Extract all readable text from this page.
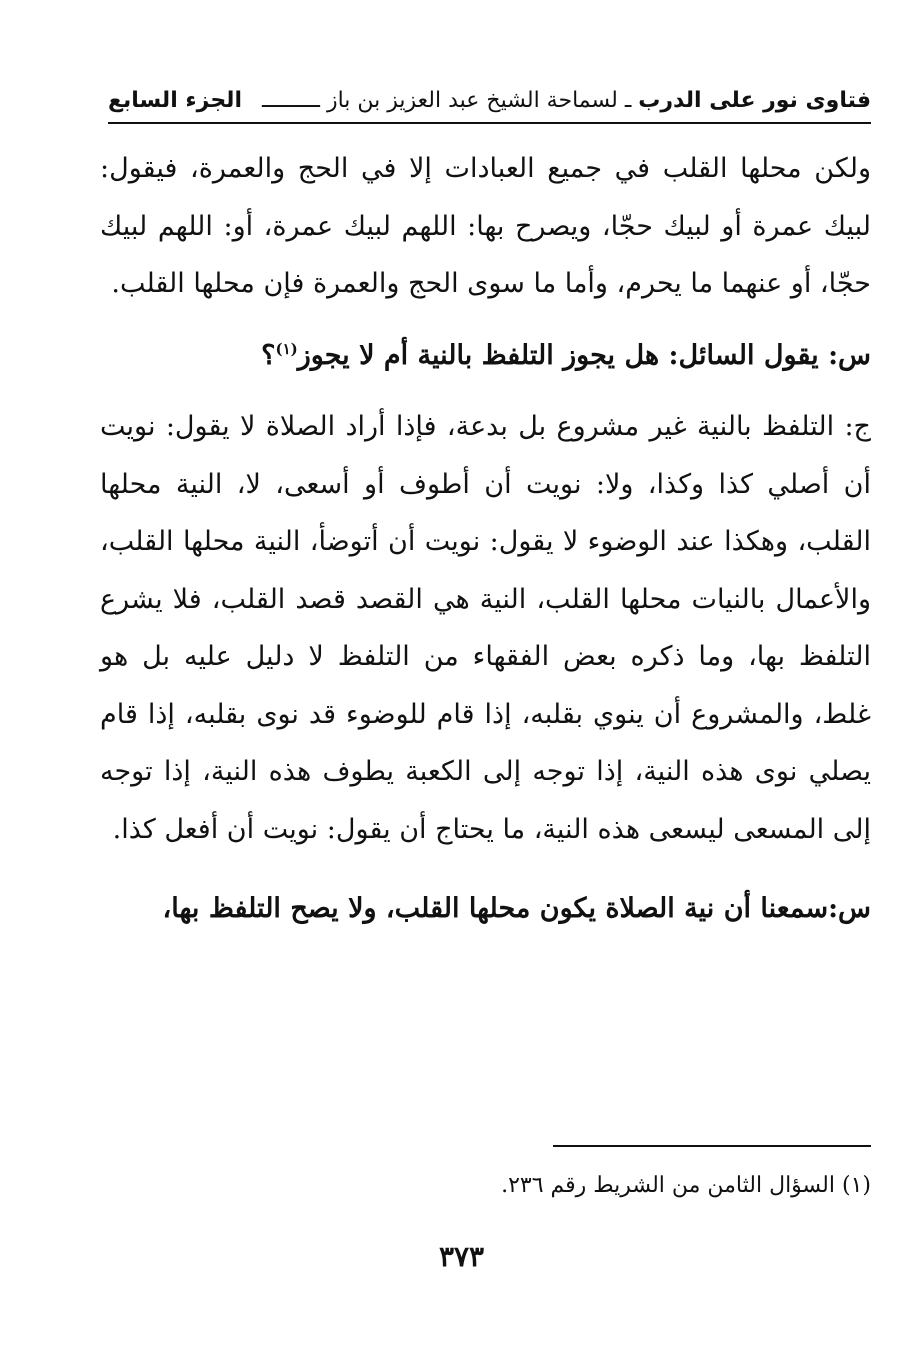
فتاوى نور على الدرب ـ لسماحة الشيخ عبد العزيز بن باز ـــــــــ
الجزء السابع

ولكن محلها القلب في جميع العبادات إلا في الحج والعمرة، فيقول: لبيك عمرة أو لبيك حجّا، ويصرح بها: اللهم لبيك عمرة، أو: اللهم لبيك حجّا، أو عنهما ما يحرم، وأما ما سوى الحج والعمرة فإن محلها القلب.

س: يقول السائل: هل يجوز التلفظ بالنية أم لا يجوز$^{(١)}$؟

ج: التلفظ بالنية غير مشروع بل بدعة، فإذا أراد الصلاة لا يقول: نويت أن أصلي كذا وكذا، ولا: نويت أن أطوف أو أسعى، لا، النية محلها القلب، وهكذا عند الوضوء لا يقول: نويت أن أتوضأ، النية محلها القلب، والأعمال بالنيات محلها القلب، النية هي القصد قصد القلب، فلا يشرع التلفظ بها، وما ذكره بعض الفقهاء من التلفظ لا دليل عليه بل هو غلط، والمشروع أن ينوي بقلبه، إذا قام للوضوء قد نوى بقلبه، إذا قام يصلي نوى هذه النية، إذا توجه إلى الكعبة يطوف هذه النية، إذا توجه إلى المسعى ليسعى هذه النية، ما يحتاج أن يقول: نويت أن أفعل كذا.

س:سمعنا أن نية الصلاة يكون محلها القلب، ولا يصح التلفظ بها،

(١) السؤال الثامن من الشريط رقم ٢٣٦.
٣٧٣
